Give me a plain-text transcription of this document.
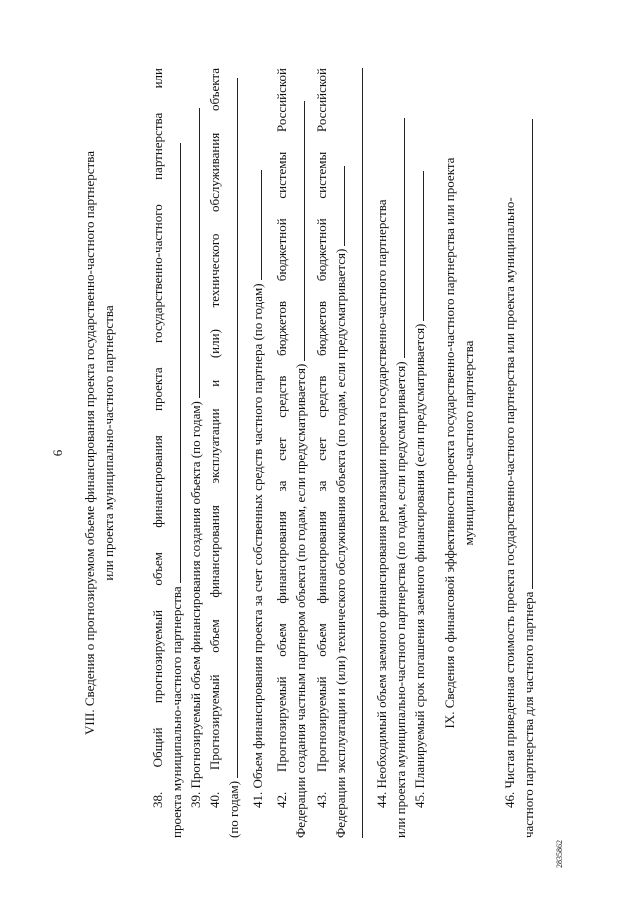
6 VIII. Сведения о прогнозируемом объеме финансирования проекта государственно-частного партнерства или проекта муниципально-частного партнерства	38. Общий прогнозируемый объем финансирования проекта государственно-частного партнерства или проекта муниципально-частного партнерства 39. Прогнозируемый объем финансирования создания объекта (по годам) 40. Прогнозируемый объем финансирования эксплуатации и (или) технического обслуживания объекта
(по годам)
41. Объем финансирования проекта за счет собственных средств частного партнера (по годам) 42. Прогнозируемый объем финансирования за счет средств бюджетов бюджетной системы Российской Федерации создания частным партнером объекта (по годам, если предусматривается) 43. Прогнозируемый объем финансирования за счет средств бюджетов бюджетной системы Российской Федерации эксплуатации и (или) технического обслуживания объекта (по годам, если предусматривается) 44. Необходимый объем заемного финансирования реализации проекта государственно-частного партнерства или проекта муниципально-частного партнерства (по годам, если предусматривается) 45. Планируемый срок погашения заемного финансирования (если предусматривается) IX. Сведения о финансовой эффективности проекта государственно-частного партнерства или проекта муниципально-частного партнерства 46. Чистая приведенная стоимость проекта государственно-частного партнерства или проекта муниципально- частного партнерства для частного партнера
2835862
